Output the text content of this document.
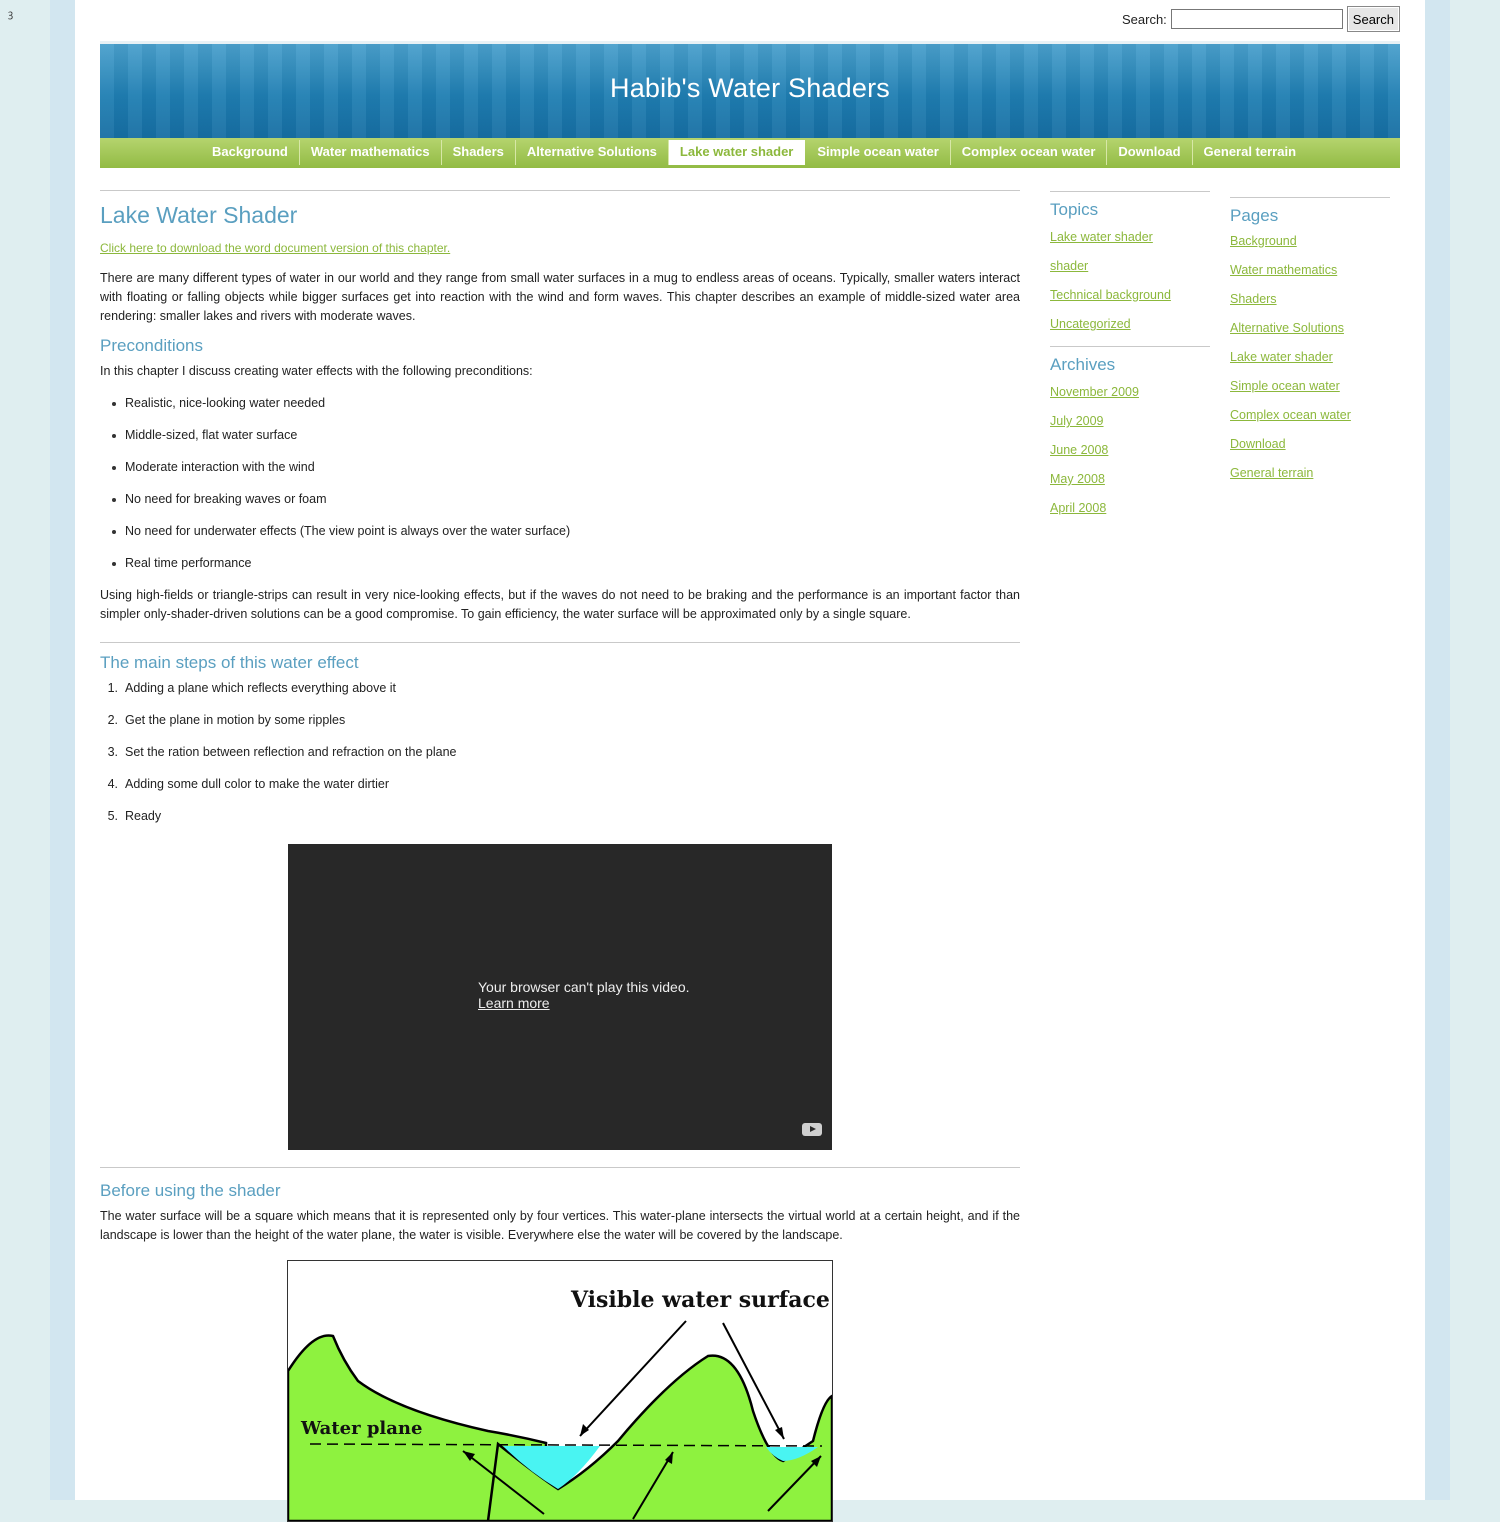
ꝫ	Search:	Search
Habib's Water Shaders
Background	Water mathematics	Shaders	Alternative Solutions	Lake water shader	Simple ocean water	Complex ocean water	Download	General terrain
Lake Water Shader
Click here to download the word document version of this chapter.

There are many different types of water in our world and they range from small water surfaces in a mug to endless areas of oceans. Typically, smaller waters interact with floating or falling objects while bigger surfaces get into reaction with the wind and form waves. This chapter describes an example of middle-sized water area rendering: smaller lakes and rivers with moderate waves.

Preconditions

In this chapter I discuss creating water effects with the following preconditions:

Realistic, nice-looking water needed
Middle-sized, flat water surface
Moderate interaction with the wind
No need for breaking waves or foam
No need for underwater effects (The view point is always over the water surface)
Real time performance

Using high-fields or triangle-strips can result in very nice-looking effects, but if the waves do not need to be braking and the performance is an important factor than simpler only-shader-driven solutions can be a good compromise. To gain efficiency, the water surface will be approximated only by a single square.

The main steps of this water effect
1. Adding a plane which reflects everything above it
2. Get the plane in motion by some ripples
3. Set the ration between reflection and refraction on the plane
4. Adding some dull color to make the water dirtier
5. Ready
Your browser can't play this video.
Learn more
Before using the shader

The water surface will be a square which means that it is represented only by four vertices. This water-plane intersects the virtual world at a certain height, and if the landscape is lower than the height of the water plane, the water is visible. Everywhere else the water will be covered by the landscape.

Visible water surface
Water plane
Topics
Lake water shader
shader
Technical background
Uncategorized
Archives
November 2009
July 2009
June 2008
May 2008
April 2008
Pages
Background
Water mathematics
Shaders
Alternative Solutions
Lake water shader
Simple ocean water
Complex ocean water
Download
General terrain
